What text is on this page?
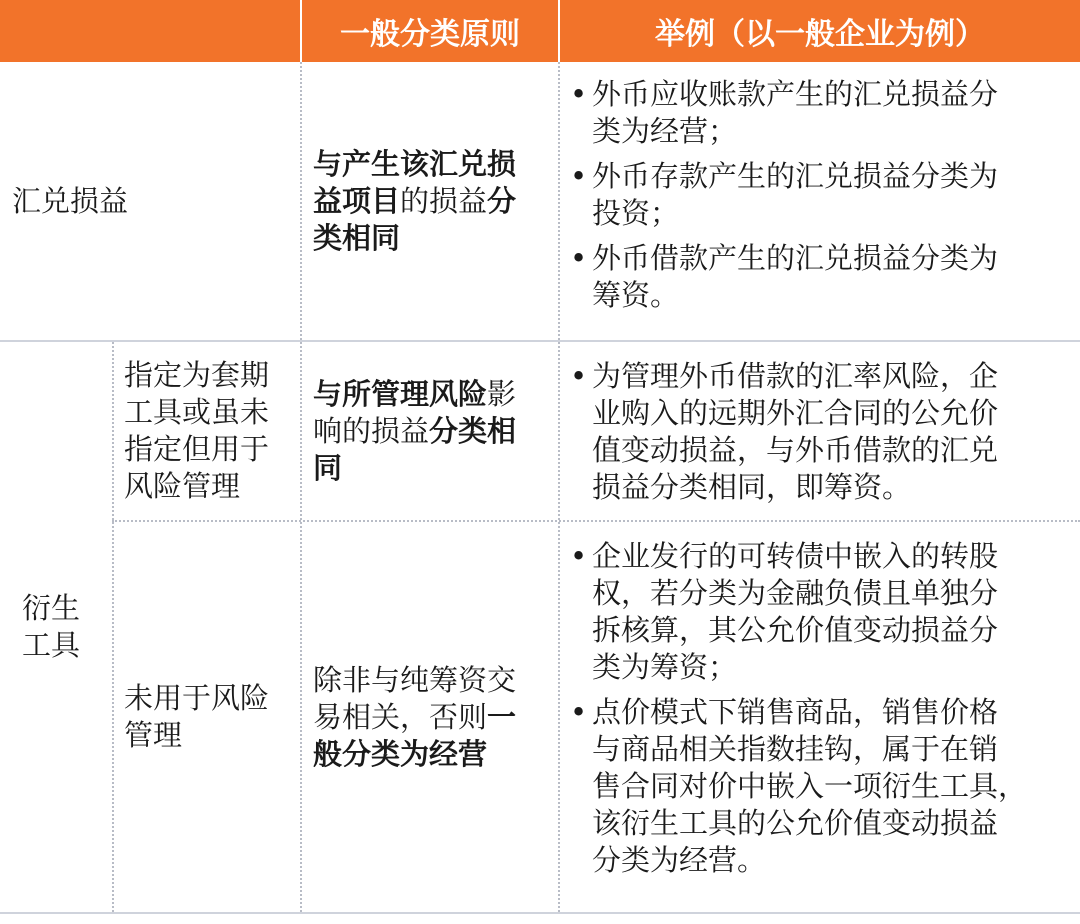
一般分类原则	举例（以一般企业为例）
汇兑损益
与产生该汇兑损
益项目的损益分
类相同
• 外币应收账款产生的汇兑损益分
类为经营；
• 外币存款产生的汇兑损益分类为
投资；
• 外币借款产生的汇兑损益分类为
筹资。
衍生
工具
指定为套期
工具或虽未
指定但用于
风险管理
与所管理风险影
响的损益分类相
同
• 为管理外币借款的汇率风险，企
业购入的远期外汇合同的公允价
值变动损益，与外币借款的汇兑
损益分类相同，即筹资。
未用于风险
管理
除非与纯筹资交
易相关，否则一
般分类为经营
• 企业发行的可转债中嵌入的转股
权，若分类为金融负债且单独分
拆核算，其公允价值变动损益分
类为筹资；
• 点价模式下销售商品，销售价格
与商品相关指数挂钩，属于在销
售合同对价中嵌入一项衍生工具，
该衍生工具的公允价值变动损益
分类为经营。
